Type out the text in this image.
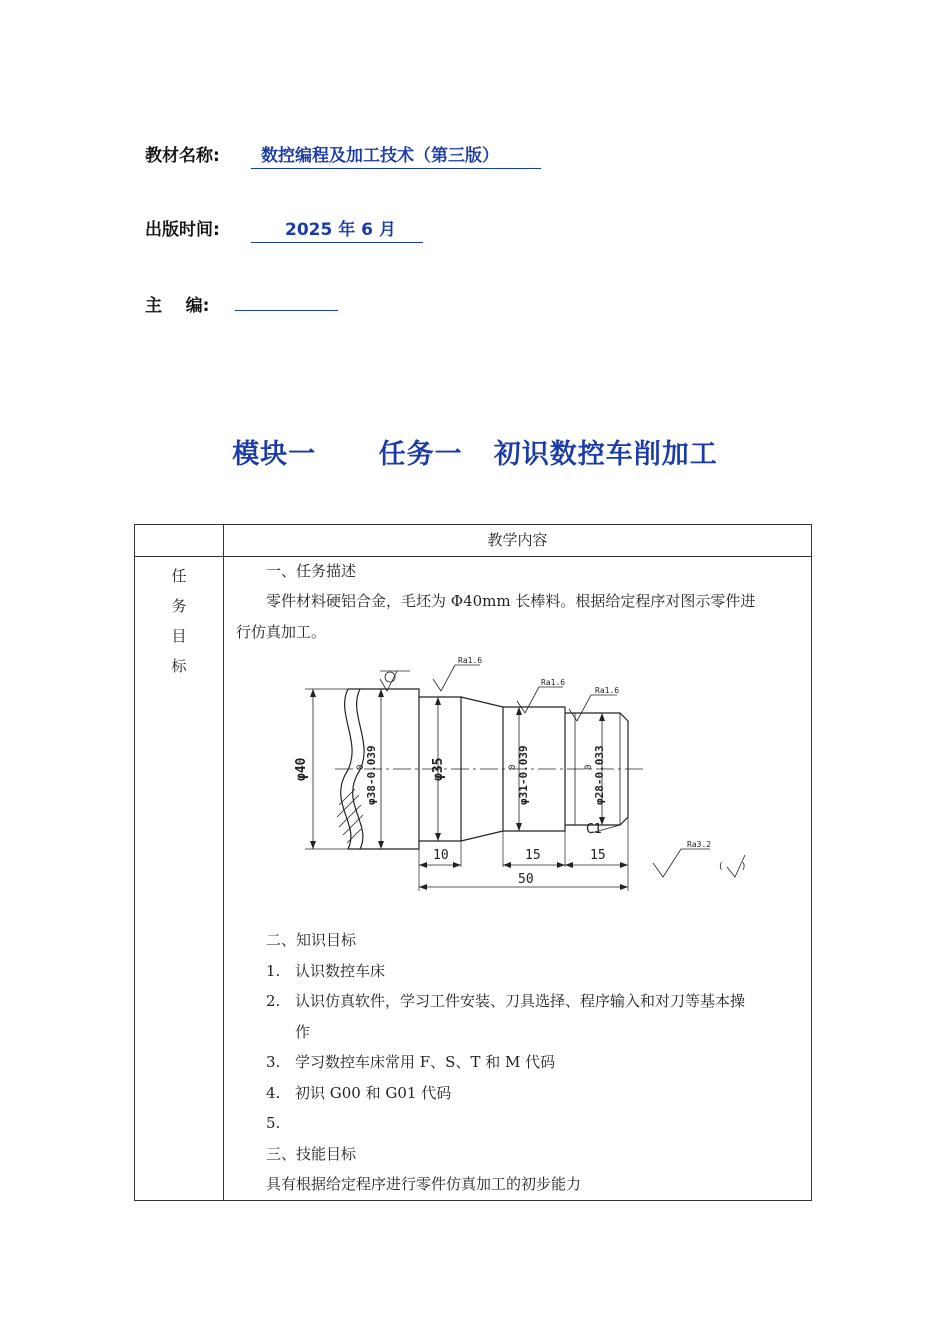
教材名称:	数控编程及加工技术（第三版）
出版时间:	2025 年 6 月
主    编:
模块一      任务一   初识数控车削加工
教学内容
任
务
目
标
一、任务描述
零件材料硬铝合金，毛坯为 Φ40mm 长棒料。根据给定程序对图示零件进
行仿真加工。
φ40	φ38-0.039
0	φ35	φ31-0.039
0	φ28-0.033
0
Ra1.6
Ra1.6
Ra1.6
Ra3.2
( )
C1
10	15	15
50
二、知识目标
1. 认识数控车床
2. 认识仿真软件，学习工件安装、刀具选择、程序输入和对刀等基本操
作
3. 学习数控车床常用 F、S、T 和 M 代码
4. 初识 G00 和 G01 代码
5.
三、技能目标
具有根据给定程序进行零件仿真加工的初步能力
